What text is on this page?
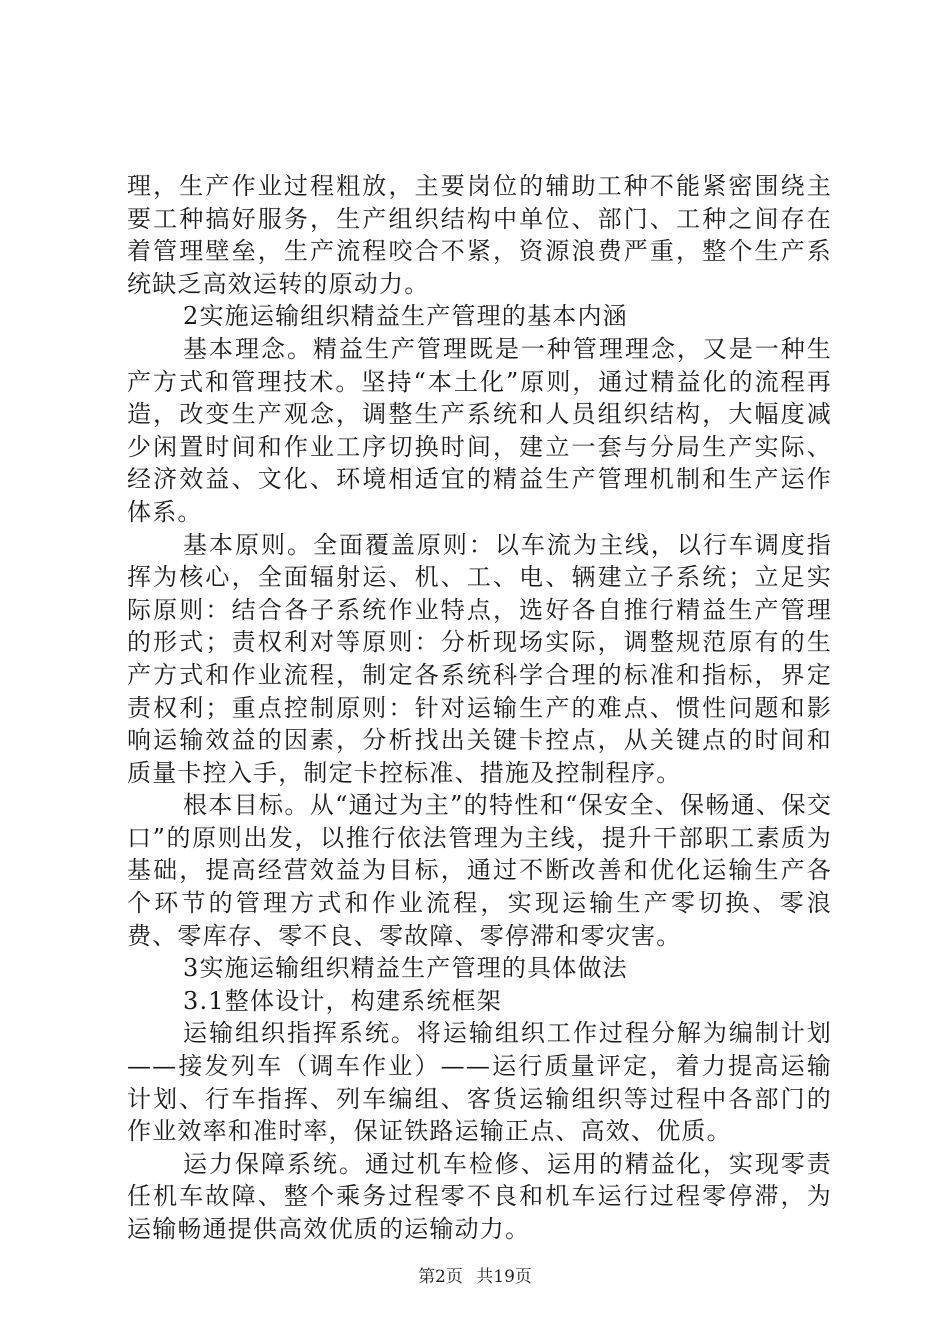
理，生产作业过程粗放，主要岗位的辅助工种不能紧密围绕主要工种搞好服务，生产组织结构中单位、部门、工种之间存在着管理壁垒，生产流程咬合不紧，资源浪费严重，整个生产系统缺乏高效运转的原动力。

2实施运输组织精益生产管理的基本内涵

基本理念。精益生产管理既是一种管理理念，又是一种生产方式和管理技术。坚持“本土化”原则，通过精益化的流程再造，改变生产观念，调整生产系统和人员组织结构，大幅度减少闲置时间和作业工序切换时间，建立一套与分局生产实际、经济效益、文化、环境相适宜的精益生产管理机制和生产运作体系。

基本原则。全面覆盖原则：以车流为主线，以行车调度指挥为核心，全面辐射运、机、工、电、辆建立子系统；立足实际原则：结合各子系统作业特点，选好各自推行精益生产管理的形式；责权利对等原则：分析现场实际，调整规范原有的生产方式和作业流程，制定各系统科学合理的标准和指标，界定责权利；重点控制原则：针对运输生产的难点、惯性问题和影响运输效益的因素，分析找出关键卡控点，从关键点的时间和质量卡控入手，制定卡控标准、措施及控制程序。

根本目标。从“通过为主”的特性和“保安全、保畅通、保交口”的原则出发，以推行依法管理为主线，提升干部职工素质为基础，提高经营效益为目标，通过不断改善和优化运输生产各个环节的管理方式和作业流程，实现运输生产零切换、零浪费、零库存、零不良、零故障、零停滞和零灾害。

3实施运输组织精益生产管理的具体做法

3.1整体设计，构建系统框架

运输组织指挥系统。将运输组织工作过程分解为编制计划——接发列车（调车作业）——运行质量评定，着力提高运输计划、行车指挥、列车编组、客货运输组织等过程中各部门的作业效率和准时率，保证铁路运输正点、高效、优质。

运力保障系统。通过机车检修、运用的精益化，实现零责任机车故障、整个乘务过程零不良和机车运行过程零停滞，为运输畅通提供高效优质的运输动力。

第2页 共19页
